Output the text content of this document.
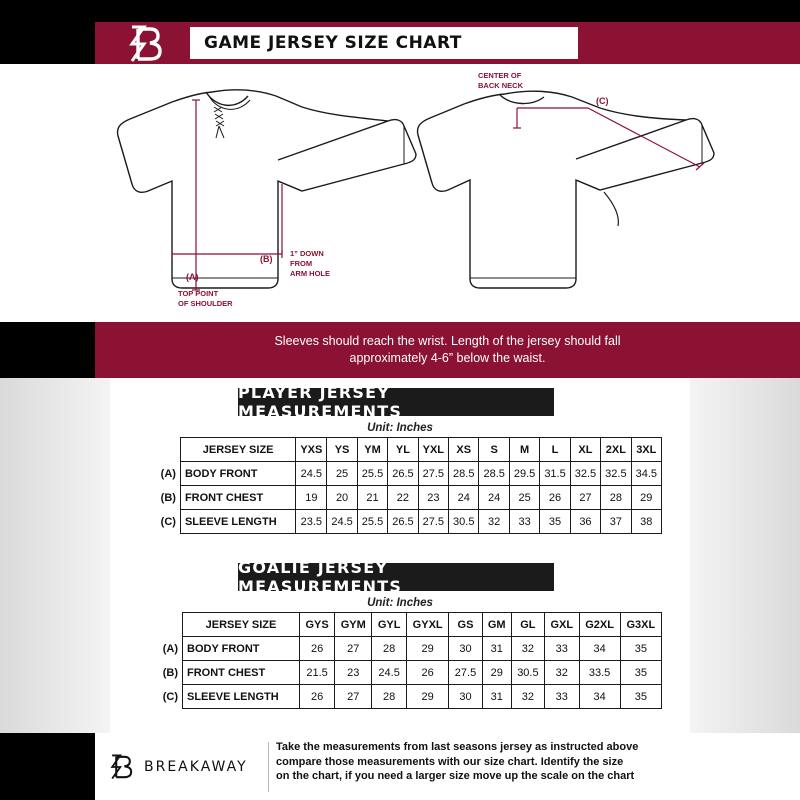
GAME JERSEY SIZE CHART
(A)
TOP POINT
OF SHOULDER
(B)
1” DOWN
FROM
ARM HOLE
(C)
CENTER OF
BACK NECK
Sleeves should reach the wrist. Length of the jersey should fall
approximately 4-6” below the waist.
PLAYER JERSEY MEASUREMENTS
Unit: Inches
	JERSEY SIZE	YXS	YS	YM	YL	YXL	XS	S	M	L	XL	2XL	3XL
(A)	BODY FRONT	24.5	25	25.5	26.5	27.5	28.5	28.5	29.5	31.5	32.5	32.5	34.5
(B)	FRONT CHEST	19	20	21	22	23	24	24	25	26	27	28	29
(C)	SLEEVE LENGTH	23.5	24.5	25.5	26.5	27.5	30.5	32	33	35	36	37	38
GOALIE JERSEY MEASUREMENTS
Unit: Inches
	JERSEY SIZE	GYS	GYM	GYL	GYXL	GS	GM	GL	GXL	G2XL	G3XL
(A)	BODY FRONT	26	27	28	29	30	31	32	33	34	35
(B)	FRONT CHEST	21.5	23	24.5	26	27.5	29	30.5	32	33.5	35
(C)	SLEEVE LENGTH	26	27	28	29	30	31	32	33	34	35
BREAKAWAY
Take the measurements from last seasons jersey as instructed above
compare those measurements with our size chart. Identify the size
on the chart, if you need a larger size move up the scale on the chart
